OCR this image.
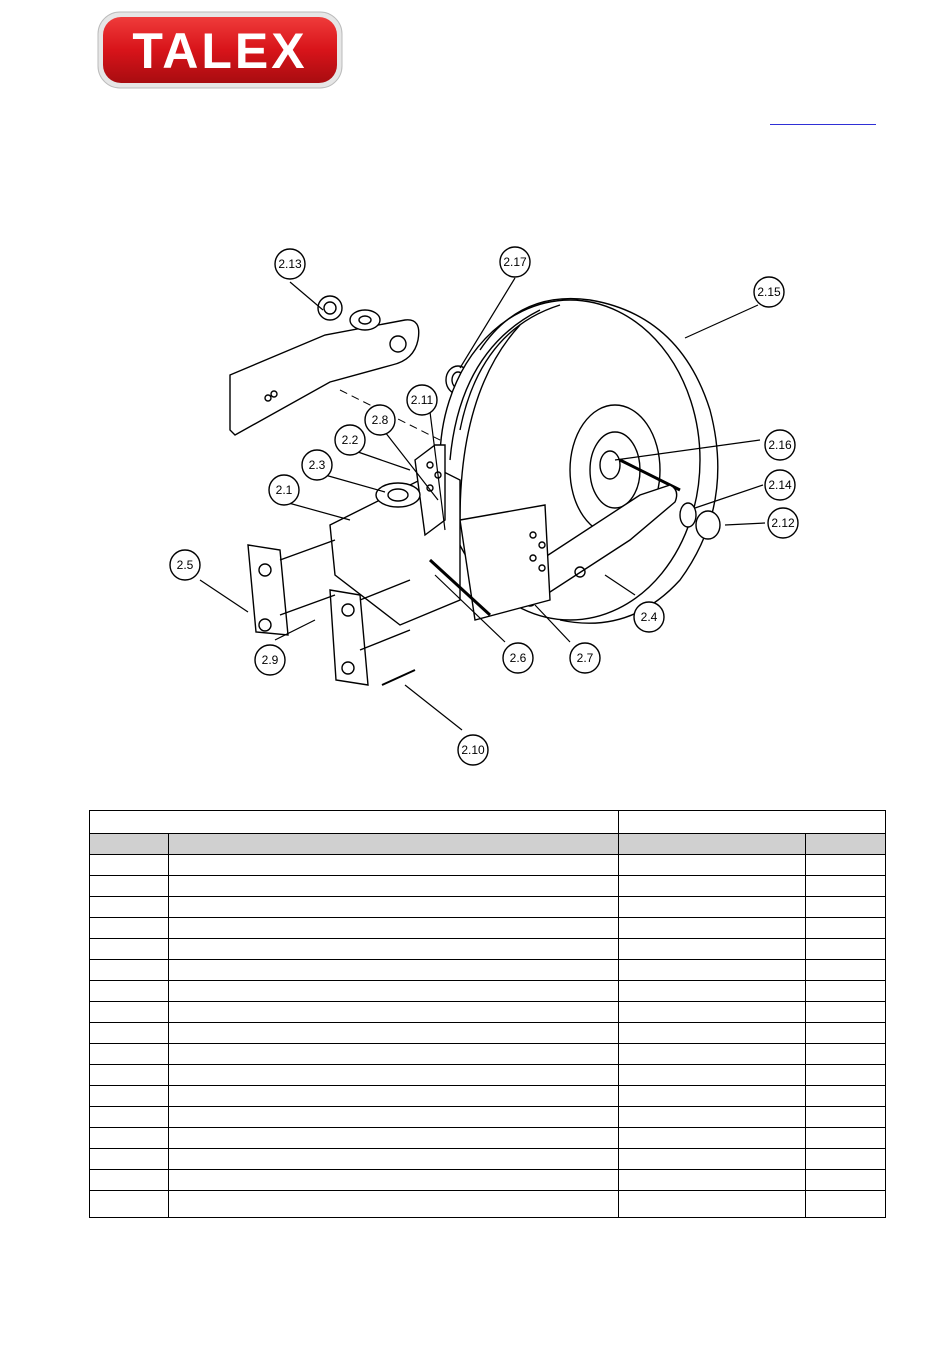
TALEX
2.13	2.17
2.15
2.11
2.8
2.2
2.3
2.1
2.16
2.14
2.12
2.5
2.9	2.6	2.7
2.4
2.10
